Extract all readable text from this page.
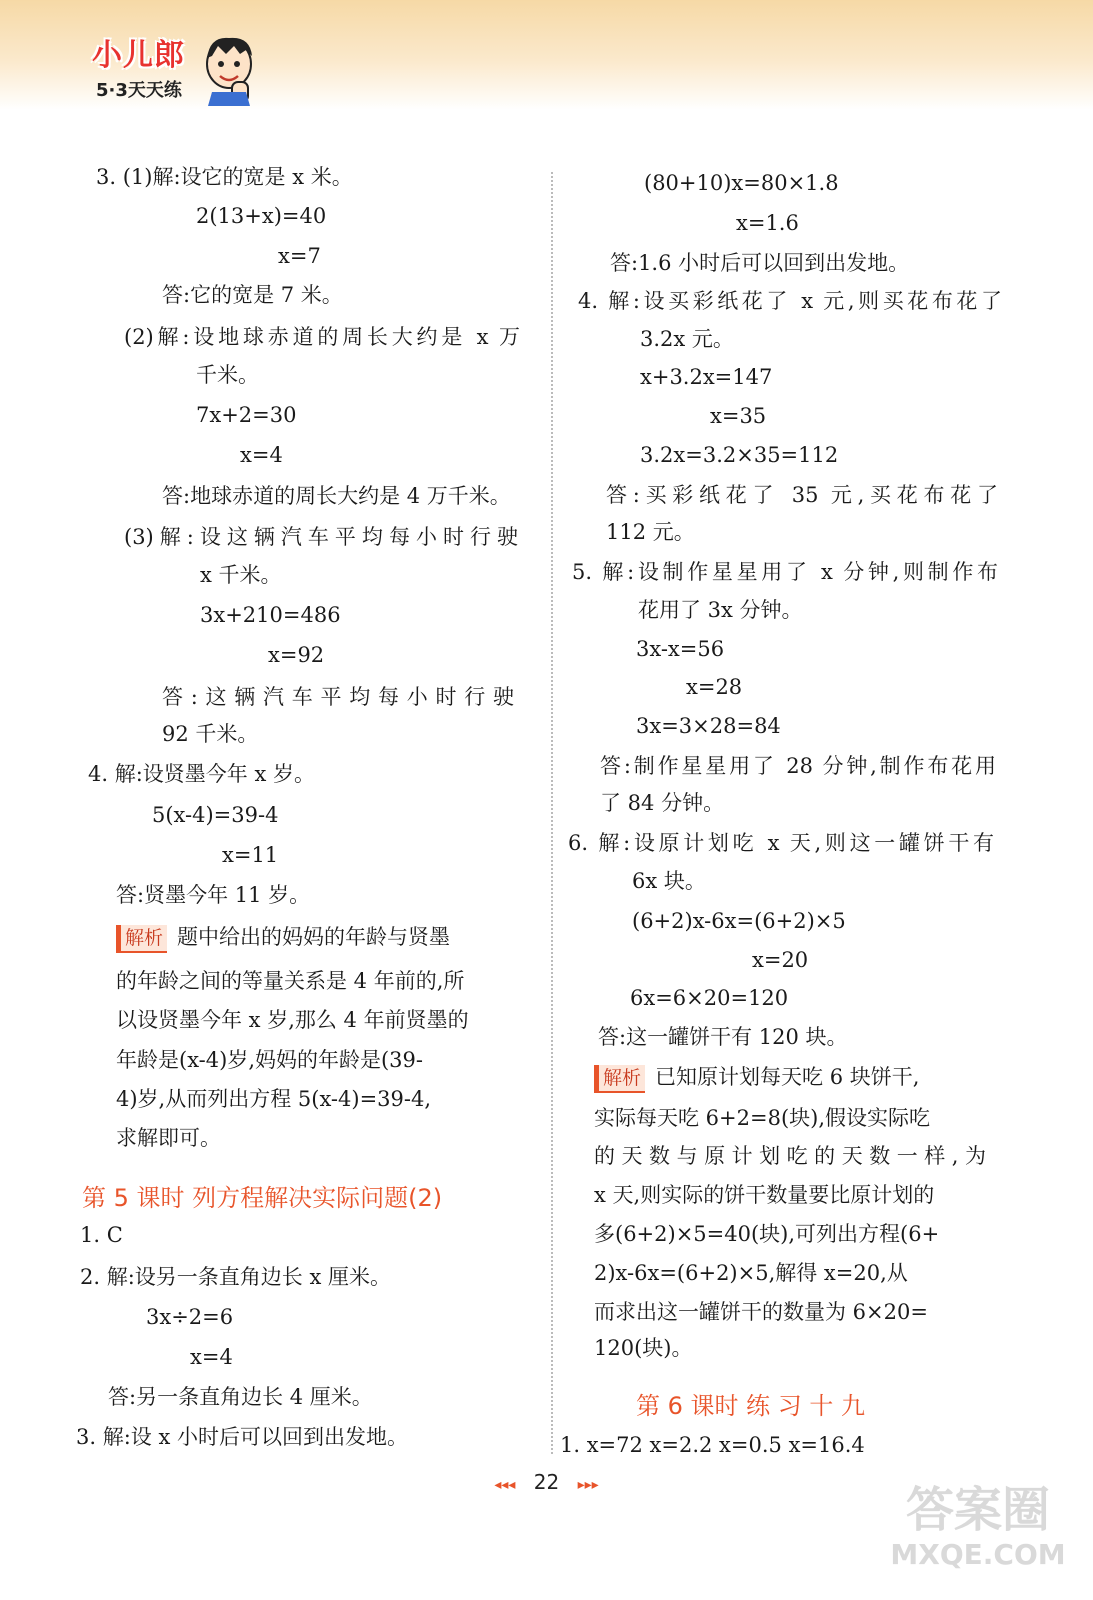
小儿郎
5·3天天练
3. (1)解:设它的宽是 x 米。
2(13+x)=40
x=7
答:它的宽是 7 米。
(2)解:设地球赤道的周长大约是 x 万
千米。
7x+2=30
x=4
答:地球赤道的周长大约是 4 万千米。
(3)解:设这辆汽车平均每小时行驶
x 千米。
3x+210=486
x=92
答:这辆汽车平均每小时行驶
92 千米。
4. 解:设贤墨今年 x 岁。
5(x-4)=39-4
x=11
答:贤墨今年 11 岁。
解析 题中给出的妈妈的年龄与贤墨
的年龄之间的等量关系是 4 年前的,所
以设贤墨今年 x 岁,那么 4 年前贤墨的
年龄是(x-4)岁,妈妈的年龄是(39-
4)岁,从而列出方程 5(x-4)=39-4,
求解即可。
第 5 课时 列方程解决实际问题(2)
1. C
2. 解:设另一条直角边长 x 厘米。
3x÷2=6
x=4
答:另一条直角边长 4 厘米。
3. 解:设 x 小时后可以回到出发地。
(80+10)x=80×1.8
x=1.6
答:1.6 小时后可以回到出发地。
4. 解:设买彩纸花了 x 元,则买花布花了
3.2x 元。
x+3.2x=147
x=35
3.2x=3.2×35=112
答:买彩纸花了 35 元,买花布花了
112 元。
5. 解:设制作星星用了 x 分钟,则制作布
花用了 3x 分钟。
3x-x=56
x=28
3x=3×28=84
答:制作星星用了 28 分钟,制作布花用
了 84 分钟。
6. 解:设原计划吃 x 天,则这一罐饼干有
6x 块。
(6+2)x-6x=(6+2)×5
x=20
6x=6×20=120
答:这一罐饼干有 120 块。
解析 已知原计划每天吃 6 块饼干,
实际每天吃 6+2=8(块),假设实际吃
的天数与原计划吃的天数一样,为
x 天,则实际的饼干数量要比原计划的
多(6+2)×5=40(块),可列出方程(6+
2)x-6x=(6+2)×5,解得 x=20,从
而求出这一罐饼干的数量为 6×20=
120(块)。
第 6 课时 练 习 十 九
1. x=72 x=2.2 x=0.5 x=16.4
◂◂◂ 22 ▸▸▸	答案圈
MXQE.COM
